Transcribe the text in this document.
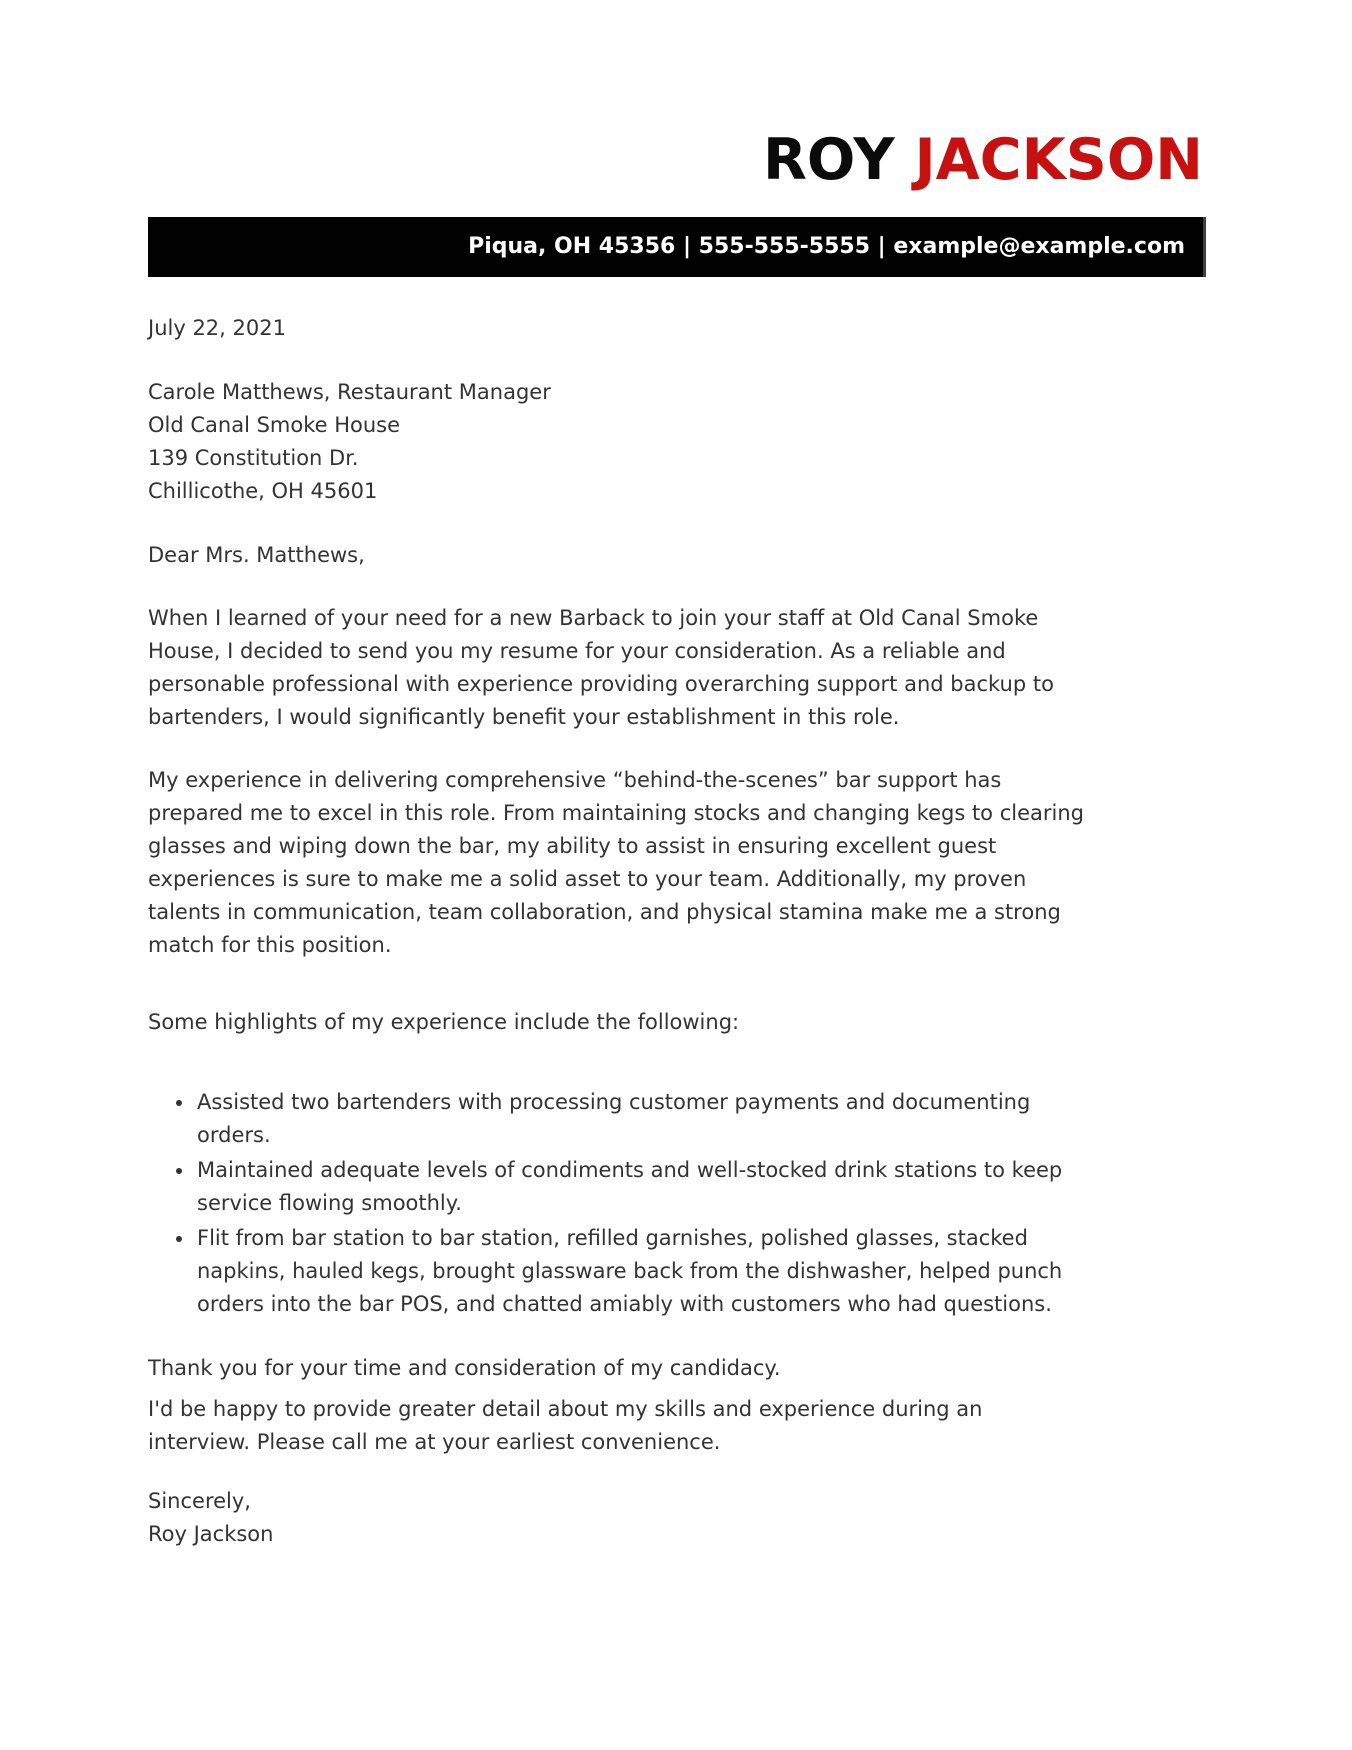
ROY JACKSON
Piqua, OH 45356 | 555-555-5555 | example@example.com

July 22, 2021

Carole Matthews, Restaurant Manager
Old Canal Smoke House
139 Constitution Dr.
Chillicothe, OH 45601

Dear Mrs. Matthews,

When I learned of your need for a new Barback to join your staff at Old Canal Smoke House, I decided to send you my resume for your consideration. As a reliable and personable professional with experience providing overarching support and backup to bartenders, I would significantly benefit your establishment in this role.

My experience in delivering comprehensive “behind-the-scenes” bar support has prepared me to excel in this role. From maintaining stocks and changing kegs to clearing glasses and wiping down the bar, my ability to assist in ensuring excellent guest experiences is sure to make me a solid asset to your team. Additionally, my proven talents in communication, team collaboration, and physical stamina make me a strong match for this position.

Some highlights of my experience include the following:

• Assisted two bartenders with processing customer payments and documenting orders.
• Maintained adequate levels of condiments and well-stocked drink stations to keep service flowing smoothly.
• Flit from bar station to bar station, refilled garnishes, polished glasses, stacked napkins, hauled kegs, brought glassware back from the dishwasher, helped punch orders into the bar POS, and chatted amiably with customers who had questions.

Thank you for your time and consideration of my candidacy.

I'd be happy to provide greater detail about my skills and experience during an interview. Please call me at your earliest convenience.

Sincerely,
Roy Jackson
